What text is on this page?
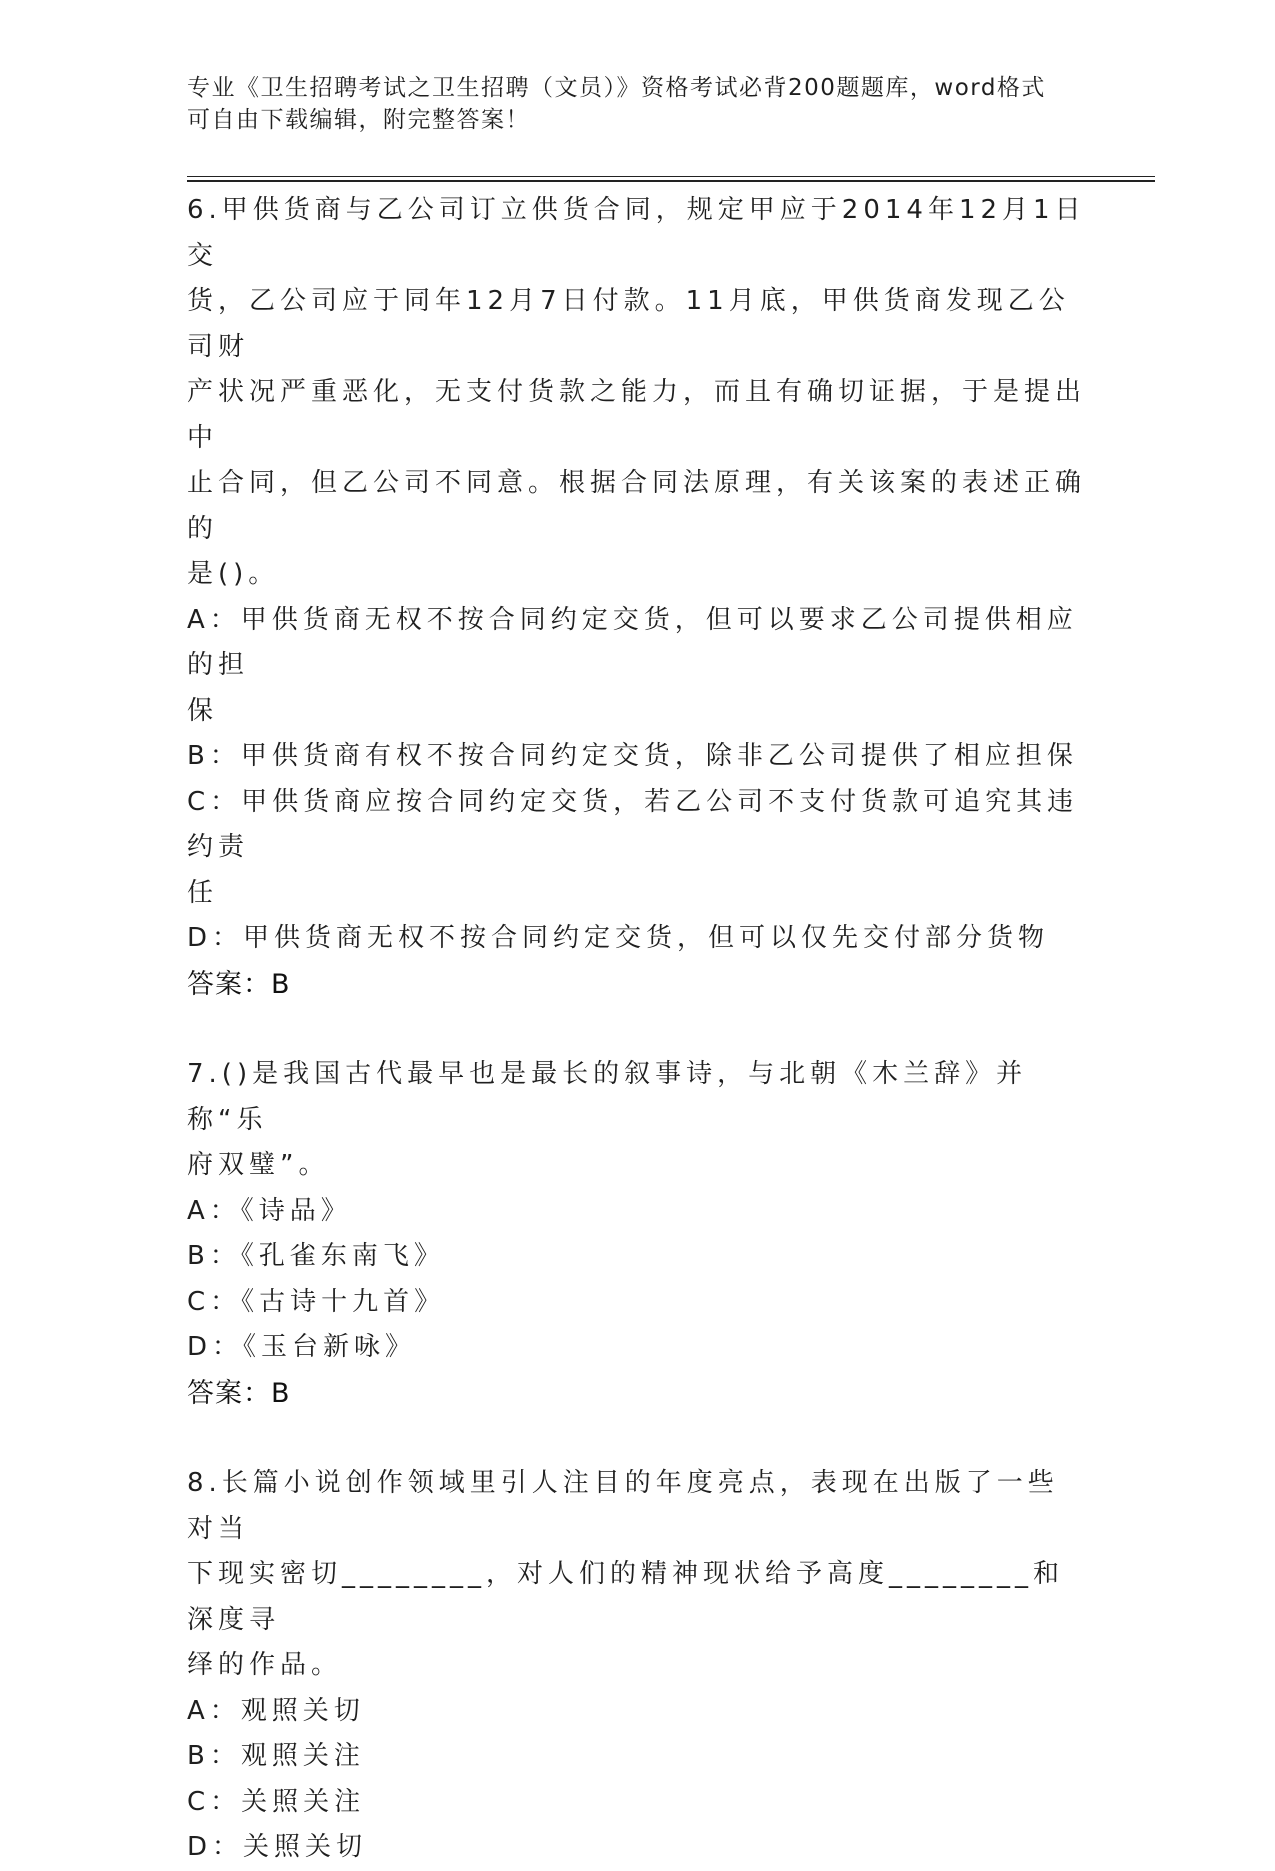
专业《卫生招聘考试之卫生招聘（文员）》资格考试必背200题题库，word格式
可自由下载编辑，附完整答案！

6.甲供货商与乙公司订立供货合同，规定甲应于2014年12月1日交

货，乙公司应于同年12月7日付款。11月底，甲供货商发现乙公司财

产状况严重恶化，无支付货款之能力，而且有确切证据，于是提出中

止合同，但乙公司不同意。根据合同法原理，有关该案的表述正确的

是()。

A：甲供货商无权不按合同约定交货，但可以要求乙公司提供相应的担

保

B：甲供货商有权不按合同约定交货，除非乙公司提供了相应担保

C：甲供货商应按合同约定交货，若乙公司不支付货款可追究其违约责

任

D：甲供货商无权不按合同约定交货，但可以仅先交付部分货物

答案：B

7.()是我国古代最早也是最长的叙事诗，与北朝《木兰辞》并称“乐

府双璧”。

A：《诗品》

B：《孔雀东南飞》

C：《古诗十九首》

D：《玉台新咏》

答案：B

8.长篇小说创作领域里引人注目的年度亮点，表现在出版了一些对当

下现实密切________，对人们的精神现状给予高度________和深度寻

绎的作品。

A：观照关切

B：观照关注

C：关照关注

D：关照关切
